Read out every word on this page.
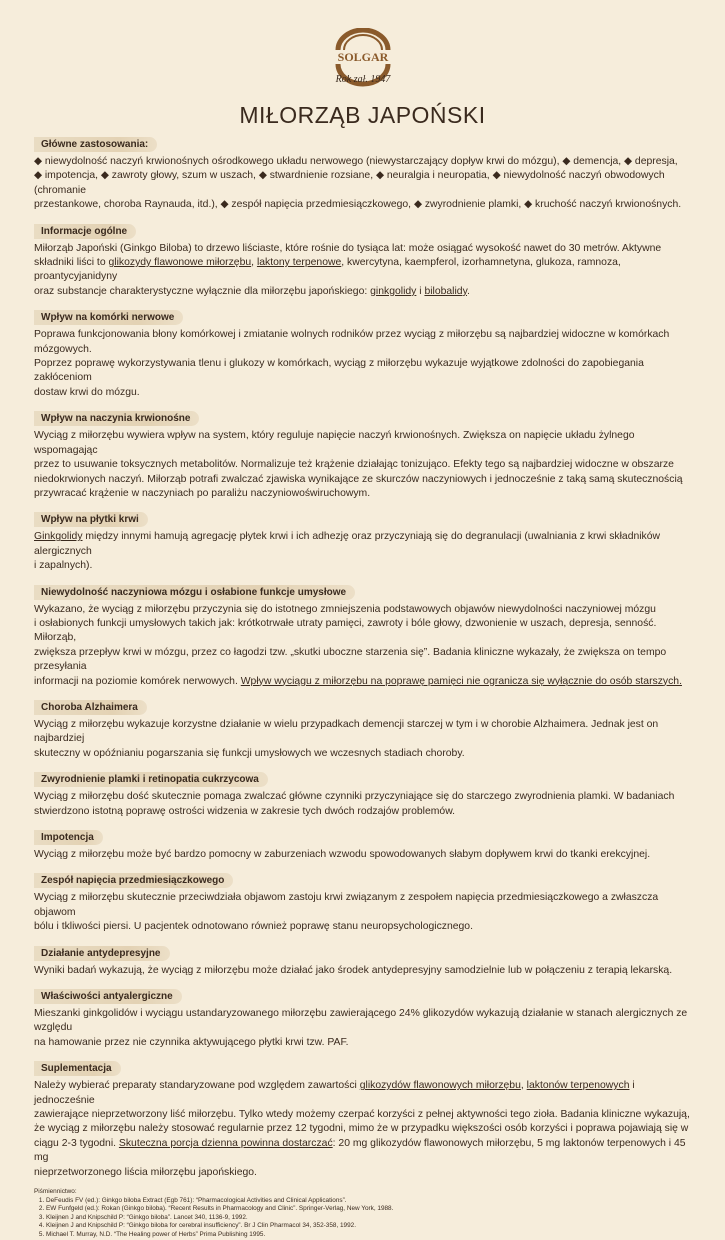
SOLGAR
Rok zał. 1947
MIŁORZĄB JAPOŃSKI
Główne zastosowania:

◆ niewydolność naczyń krwionośnych ośrodkowego układu nerwowego (niewystarczający dopływ krwi do mózgu), ◆ demencja, ◆ depresja,
◆ impotencja, ◆ zawroty głowy, szum w uszach, ◆ stwardnienie rozsiane, ◆ neuralgia i neuropatia, ◆ niewydolność naczyń obwodowych (chromanie
przestankowe, choroba Raynauda, itd.), ◆ zespół napięcia przedmiesiączkowego, ◆ zwyrodnienie plamki, ◆ kruchość naczyń krwionośnych.

Informacje ogólne

Miłorząb Japoński (Ginkgo Biloba) to drzewo liściaste, które rośnie do tysiąca lat: może osiągać wysokość nawet do 30 metrów. Aktywne
składniki liści to glikozydy flawonowe miłorzębu, laktony terpenowe, kwercytyna, kaempferol, izorhamnetyna, glukoza, ramnoza, proantycyjanidyny
oraz substancje charakterystyczne wyłącznie dla miłorzębu japońskiego: ginkgolidy i bilobalidy.

Wpływ na komórki nerwowe

Poprawa funkcjonowania błony komórkowej i zmiatanie wolnych rodników przez wyciąg z miłorzębu są najbardziej widoczne w komórkach mózgowych.
Poprzez poprawę wykorzystywania tlenu i glukozy w komórkach, wyciąg z miłorzębu wykazuje wyjątkowe zdolności do zapobiegania zakłóceniom
dostaw krwi do mózgu.

Wpływ na naczynia krwionośne

Wyciąg z miłorzębu wywiera wpływ na system, który reguluje napięcie naczyń krwionośnych. Zwiększa on napięcie układu żylnego wspomagając
przez to usuwanie toksycznych metabolitów. Normalizuje też krążenie działając tonizująco. Efekty tego są najbardziej widoczne w obszarze
niedokrwionych naczyń. Miłorząb potrafi zwalczać zjawiska wynikające ze skurczów naczyniowych i jednocześnie z taką samą skutecznością
przywracać krążenie w naczyniach po paraliżu naczyniowoświruchowym.

Wpływ na płytki krwi

Ginkgolidy między innymi hamują agregację płytek krwi i ich adhezję oraz przyczyniają się do degranulacji (uwalniania z krwi składników alergicznych
i zapalnych).

Niewydolność naczyniowa mózgu i osłabione funkcje umysłowe

Wykazano, że wyciąg z miłorzębu przyczynia się do istotnego zmniejszenia podstawowych objawów niewydolności naczyniowej mózgu
i osłabionych funkcji umysłowych takich jak: krótkotrwałe utraty pamięci, zawroty i bóle głowy, dzwonienie w uszach, depresja, senność. Miłorząb,
zwiększa przepływ krwi w mózgu, przez co łagodzi tzw. „skutki uboczne starzenia się”. Badania kliniczne wykazały, że zwiększa on tempo przesyłania
informacji na poziomie komórek nerwowych. Wpływ wyciągu z miłorzębu na poprawę pamięci nie ogranicza się wyłącznie do osób starszych.

Choroba Alzhaimera

Wyciąg z miłorzębu wykazuje korzystne działanie w wielu przypadkach demencji starczej w tym i w chorobie Alzhaimera. Jednak jest on najbardziej
skuteczny w opóźnianiu pogarszania się funkcji umysłowych we wczesnych stadiach choroby.

Zwyrodnienie plamki i retinopatia cukrzycowa

Wyciąg z miłorzębu dość skutecznie pomaga zwalczać główne czynniki przyczyniające się do starczego zwyrodnienia plamki. W badaniach
stwierdzono istotną poprawę ostrości widzenia w zakresie tych dwóch rodzajów problemów.

Impotencja

Wyciąg z miłorzębu może być bardzo pomocny w zaburzeniach wzwodu spowodowanych słabym dopływem krwi do tkanki erekcyjnej.

Zespół napięcia przedmiesiączkowego

Wyciąg z miłorzębu skutecznie przeciwdziała objawom zastoju krwi związanym z zespołem napięcia przedmiesiączkowego a zwłaszcza objawom
bólu i tkliwości piersi. U pacjentek odnotowano również poprawę stanu neuropsychologicznego.

Działanie antydepresyjne

Wyniki badań wykazują, że wyciąg z miłorzębu może działać jako środek antydepresyjny samodzielnie lub w połączeniu z terapią lekarską.

Właściwości antyalergiczne

Mieszanki ginkgolidów i wyciągu ustandaryzowanego miłorzębu zawierającego 24% glikozydów wykazują działanie w stanach alergicznych ze względu
na hamowanie przez nie czynnika aktywującego płytki krwi tzw. PAF.

Suplementacja

Należy wybierać preparaty standaryzowane pod względem zawartości glikozydów flawonowych miłorzębu, laktonów terpenowych i jednocześnie
zawierające nieprzetworzony liść miłorzębu. Tylko wtedy możemy czerpać korzyści z pełnej aktywności tego zioła. Badania kliniczne wykazują,
że wyciąg z miłorzębu należy stosować regularnie przez 12 tygodni, mimo że w przypadku większości osób korzyści i poprawa pojawiają się w
ciągu 2-3 tygodni. Skuteczna porcja dzienna powinna dostarczać: 20 mg glikozydów flawonowych miłorzębu, 5 mg laktonów terpenowych i 45 mg
nieprzetworzonego liścia miłorzębu japońskiego.

Piśmiennictwo:
1. DeFeudis FV (ed.): Ginkgo biloba Extract (Egb 761): “Pharmacological Activities and Clinical Applications”.
2. EW Funfgeld (ed.): Rokan (Ginkgo biloba). “Recent Results in Pharmacology and Clinic”. Springer-Verlag, New York, 1988.
3. Kleijnen J and Knipschild P: “Ginkgo biloba”. Lancet 340, 1136-9, 1992.
4. Kleijnen J and Knipschild P: “Ginkgo biloba for cerebral insufficiency”. Br J Clin Pharmacol 34, 352-358, 1992.
5. Michael T. Murray, N.D. “The Healing power of Herbs” Prima Publishing 1995.
